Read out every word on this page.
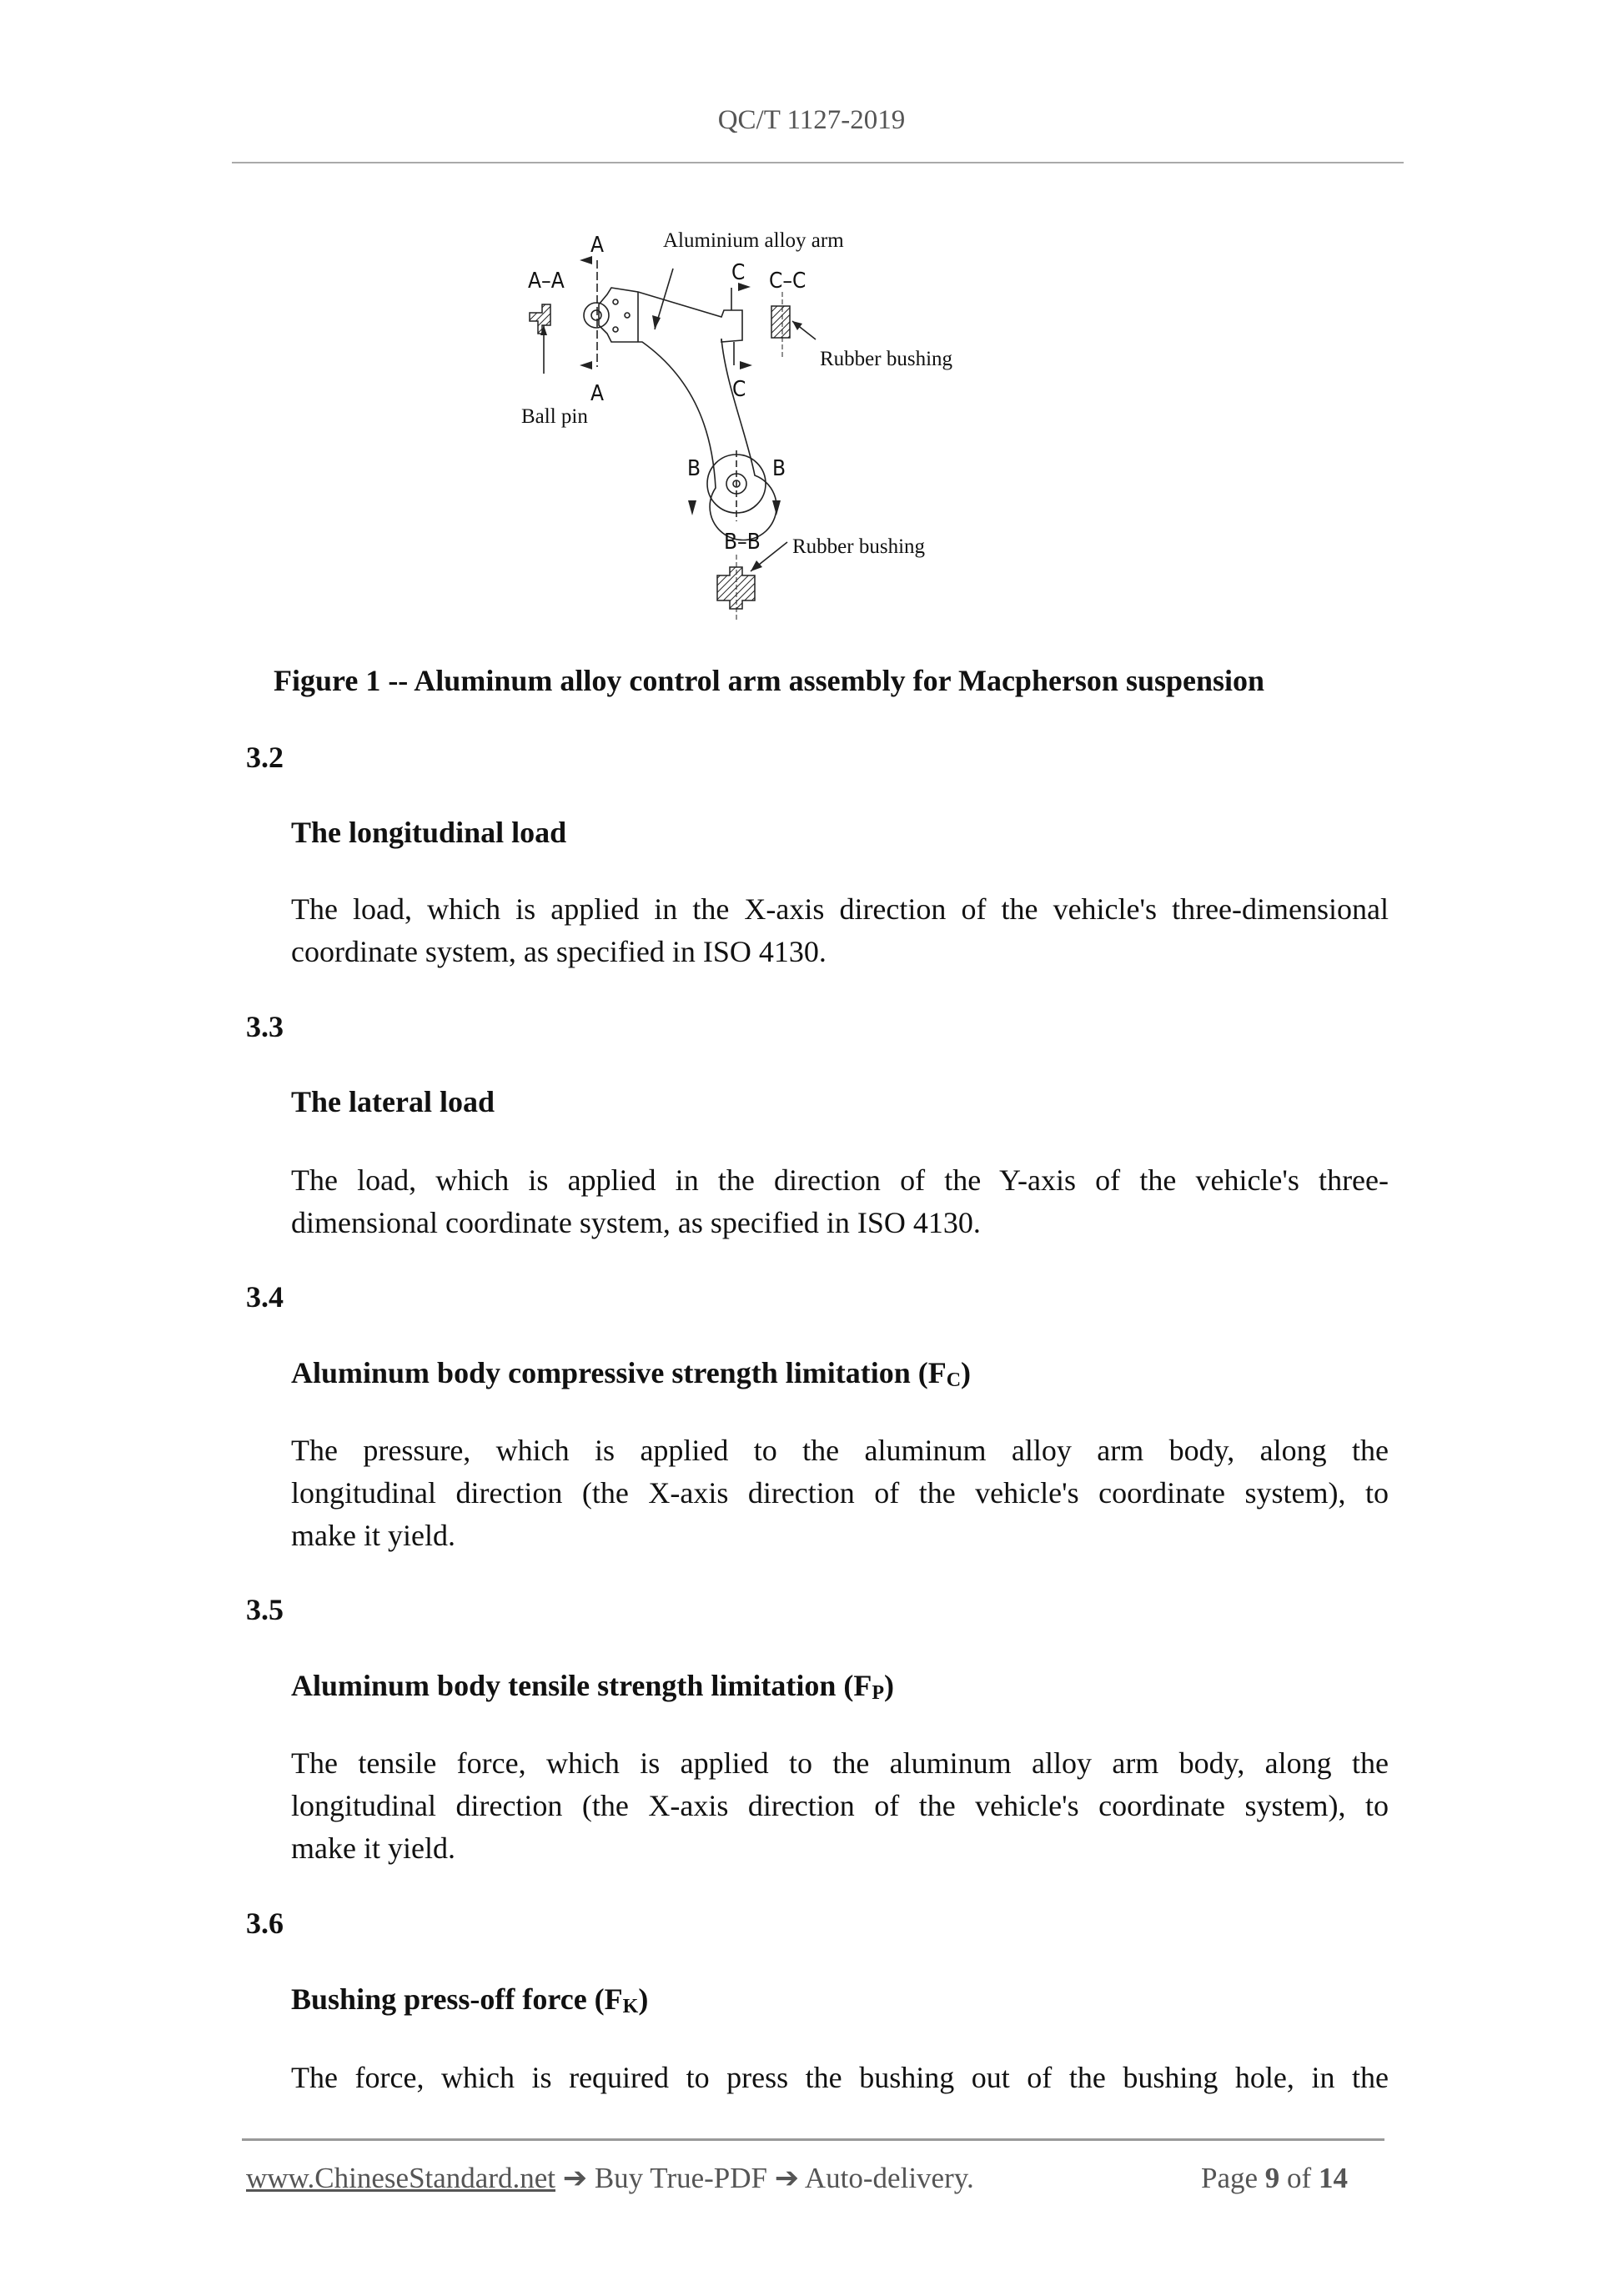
QC/T 1127-2019
Aluminium alloy arm
A–A
A
A
C
C
C–C
B	B
B–B
Ball pin
Rubber bushing
Rubber bushing
Figure 1 -- Aluminum alloy control arm assembly for Macpherson suspension
3.2
The longitudinal load
The load, which is applied in the X-axis direction of the vehicle's three-dimensional
coordinate system, as specified in ISO 4130.
3.3
The lateral load
The load, which is applied in the direction of the Y-axis of the vehicle's three-
dimensional coordinate system, as specified in ISO 4130.
3.4
Aluminum body compressive strength limitation $(F_C)$
The pressure, which is applied to the aluminum alloy arm body, along the
longitudinal direction (the X-axis direction of the vehicle's coordinate system), to
make it yield.
3.5
Aluminum body tensile strength limitation $(F_P)$
The tensile force, which is applied to the aluminum alloy arm body, along the
longitudinal direction (the X-axis direction of the vehicle's coordinate system), to
make it yield.
3.6
Bushing press-off force $(F_K)$
The force, which is required to press the bushing out of the bushing hole, in the
www.ChineseStandard.net ➔ Buy True-PDF ➔ Auto-delivery.	Page 9 of 14
